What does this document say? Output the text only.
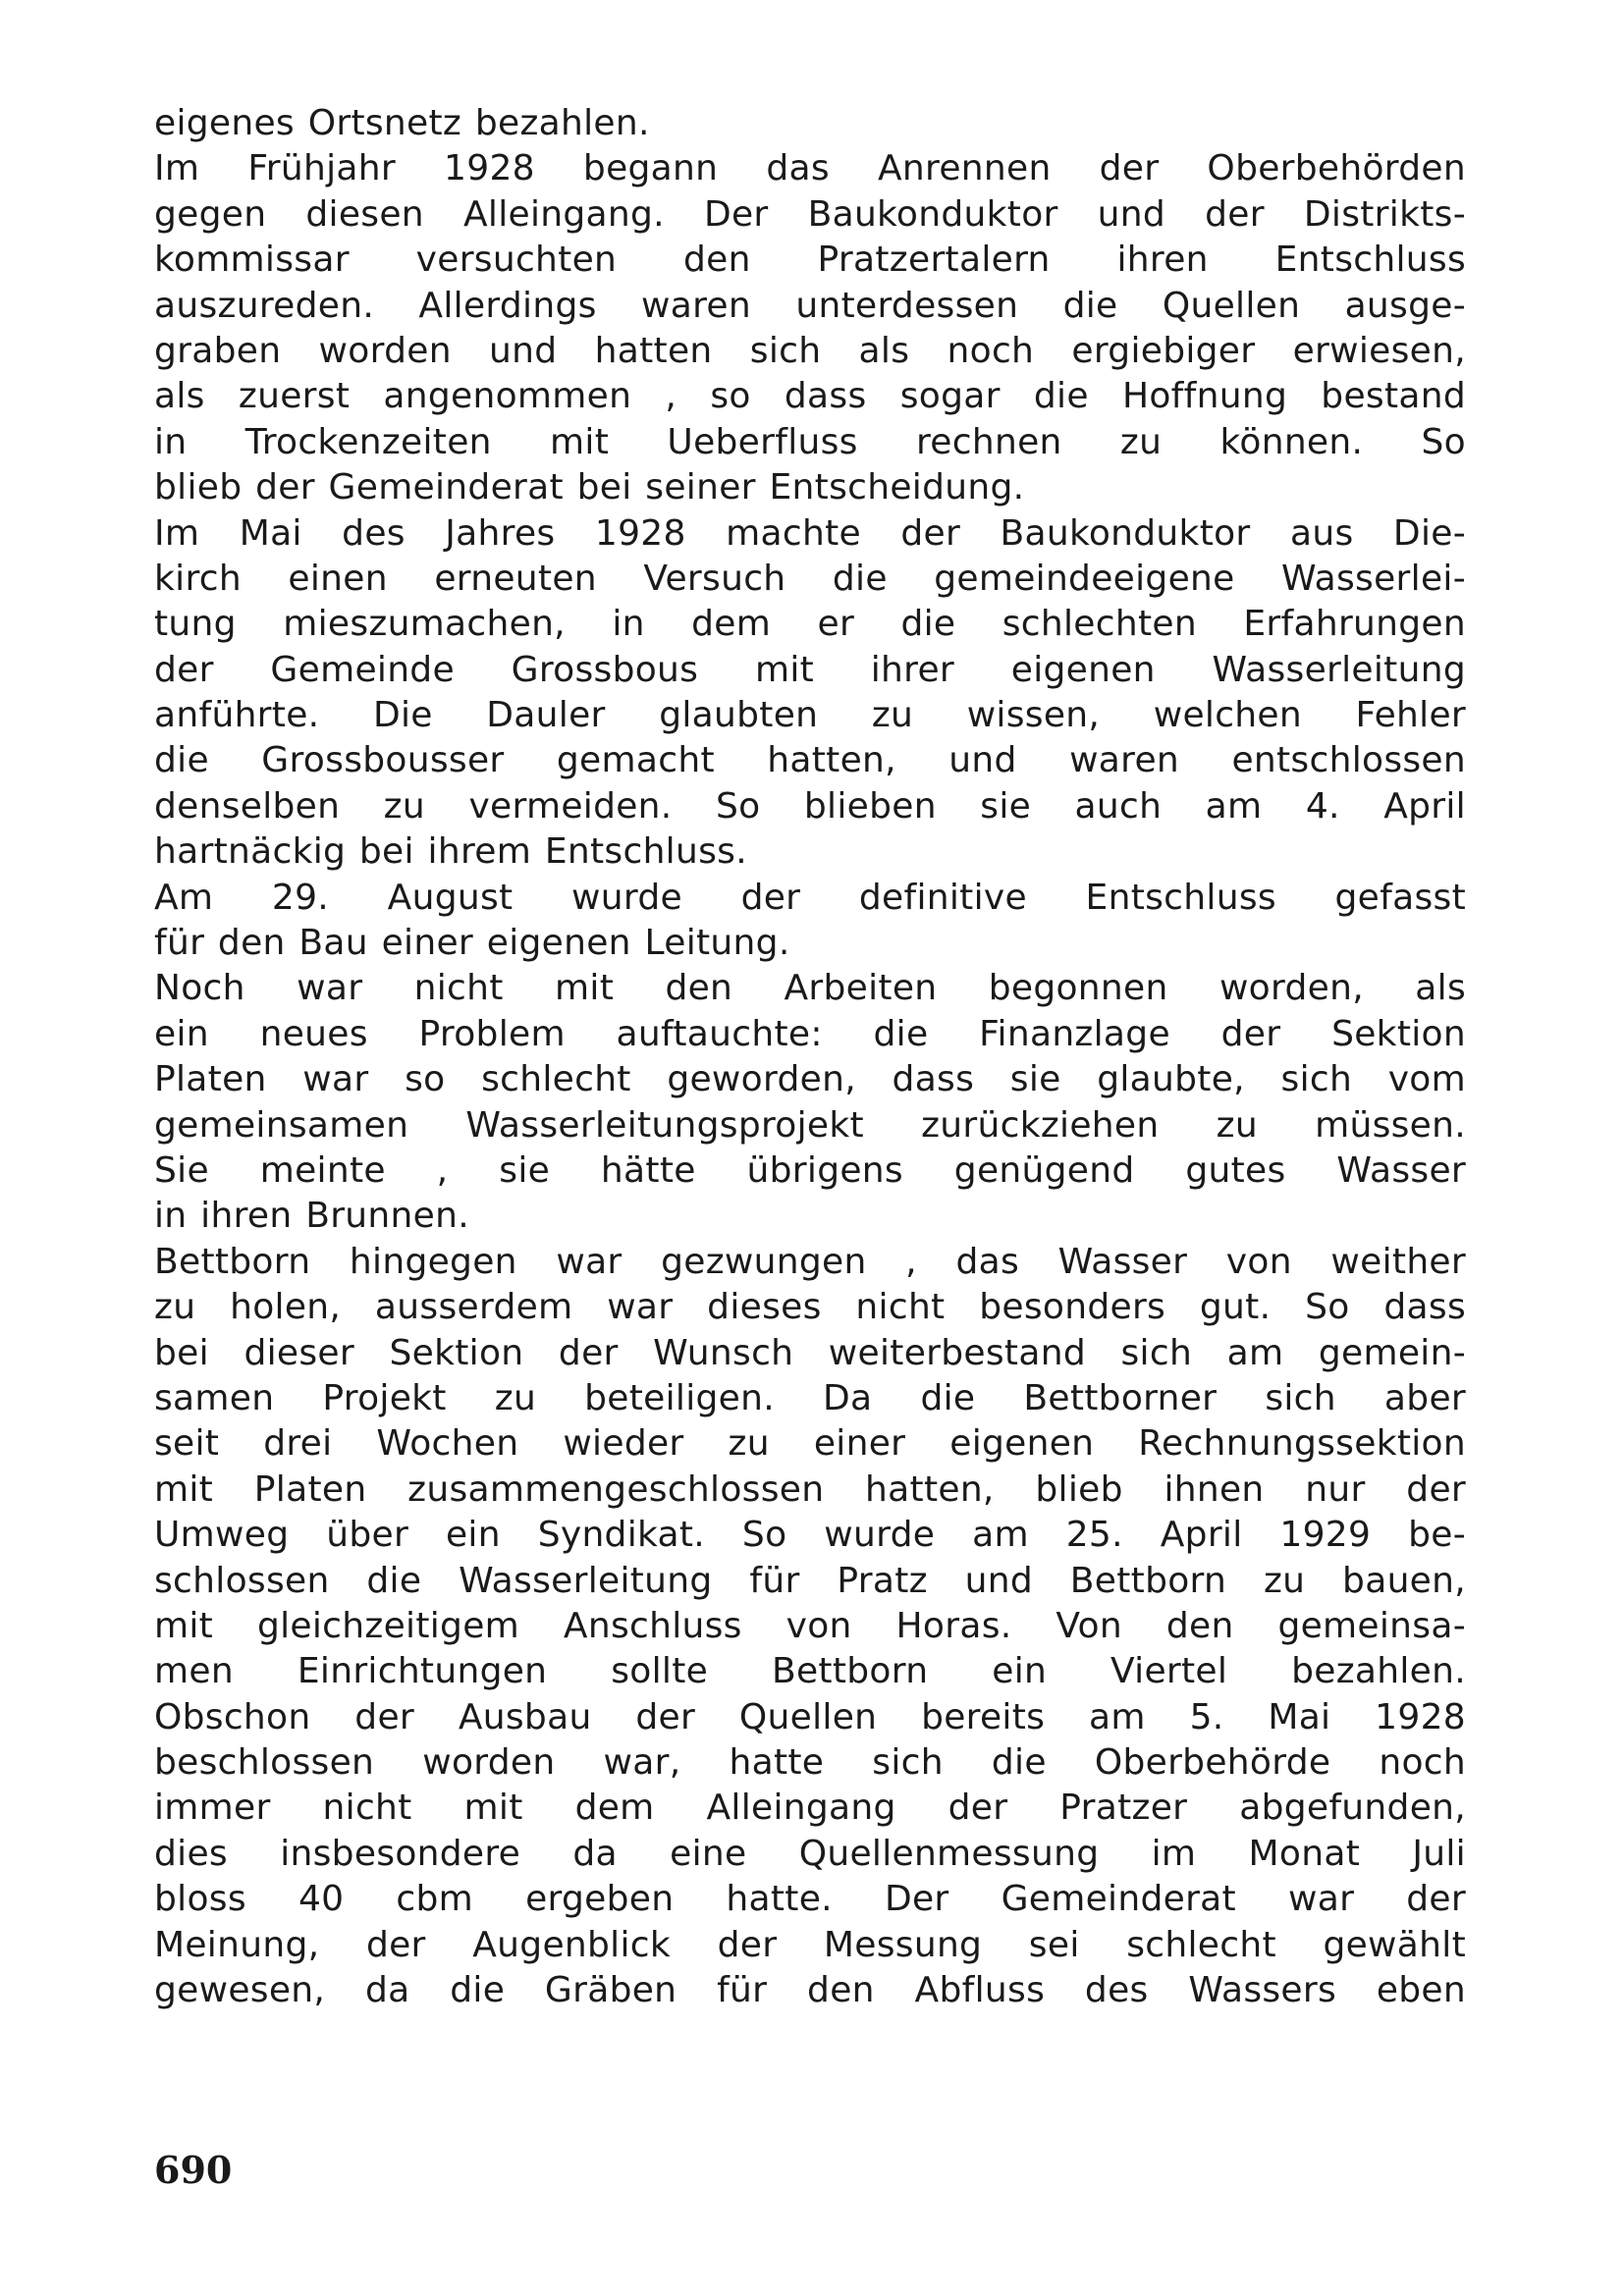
eigenes Ortsnetz bezahlen.
Im Frühjahr 1928 begann das Anrennen der Oberbehörden
gegen diesen Alleingang. Der Baukonduktor und der Distrikts-
kommissar versuchten den Pratzertalern ihren Entschluss
auszureden. Allerdings waren unterdessen die Quellen ausge-
graben worden und hatten sich als noch ergiebiger erwiesen,
als zuerst angenommen , so dass sogar die Hoffnung bestand
in Trockenzeiten mit Ueberfluss rechnen zu können. So
blieb der Gemeinderat bei seiner Entscheidung.
Im Mai des Jahres 1928 machte der Baukonduktor aus Die-
kirch einen erneuten Versuch die gemeindeeigene Wasserlei-
tung mieszumachen, in dem er die schlechten Erfahrungen
der Gemeinde Grossbous mit ihrer eigenen Wasserleitung
anführte. Die Dauler glaubten zu wissen, welchen Fehler
die Grossbousser gemacht hatten, und waren entschlossen
denselben zu vermeiden. So blieben sie auch am 4. April
hartnäckig bei ihrem Entschluss.
Am 29. August wurde der definitive Entschluss gefasst
für den Bau einer eigenen Leitung.
Noch war nicht mit den Arbeiten begonnen worden, als
ein neues Problem auftauchte: die Finanzlage der Sektion
Platen war so schlecht geworden, dass sie glaubte, sich vom
gemeinsamen Wasserleitungsprojekt zurückziehen zu müssen.
Sie meinte , sie hätte übrigens genügend gutes Wasser
in ihren Brunnen.
Bettborn hingegen war gezwungen , das Wasser von weither
zu holen, ausserdem war dieses nicht besonders gut. So dass
bei dieser Sektion der Wunsch weiterbestand sich am gemein-
samen Projekt zu beteiligen. Da die Bettborner sich aber
seit drei Wochen wieder zu einer eigenen Rechnungssektion
mit Platen zusammengeschlossen hatten, blieb ihnen nur der
Umweg über ein Syndikat. So wurde am 25. April 1929 be-
schlossen die Wasserleitung für Pratz und Bettborn zu bauen,
mit gleichzeitigem Anschluss von Horas. Von den gemeinsa-
men Einrichtungen sollte Bettborn ein Viertel bezahlen.
Obschon der Ausbau der Quellen bereits am 5. Mai 1928
beschlossen worden war, hatte sich die Oberbehörde noch
immer nicht mit dem Alleingang der Pratzer abgefunden,
dies insbesondere da eine Quellenmessung im Monat Juli
bloss 40 cbm ergeben hatte. Der Gemeinderat war der
Meinung, der Augenblick der Messung sei schlecht gewählt
gewesen, da die Gräben für den Abfluss des Wassers eben
690
